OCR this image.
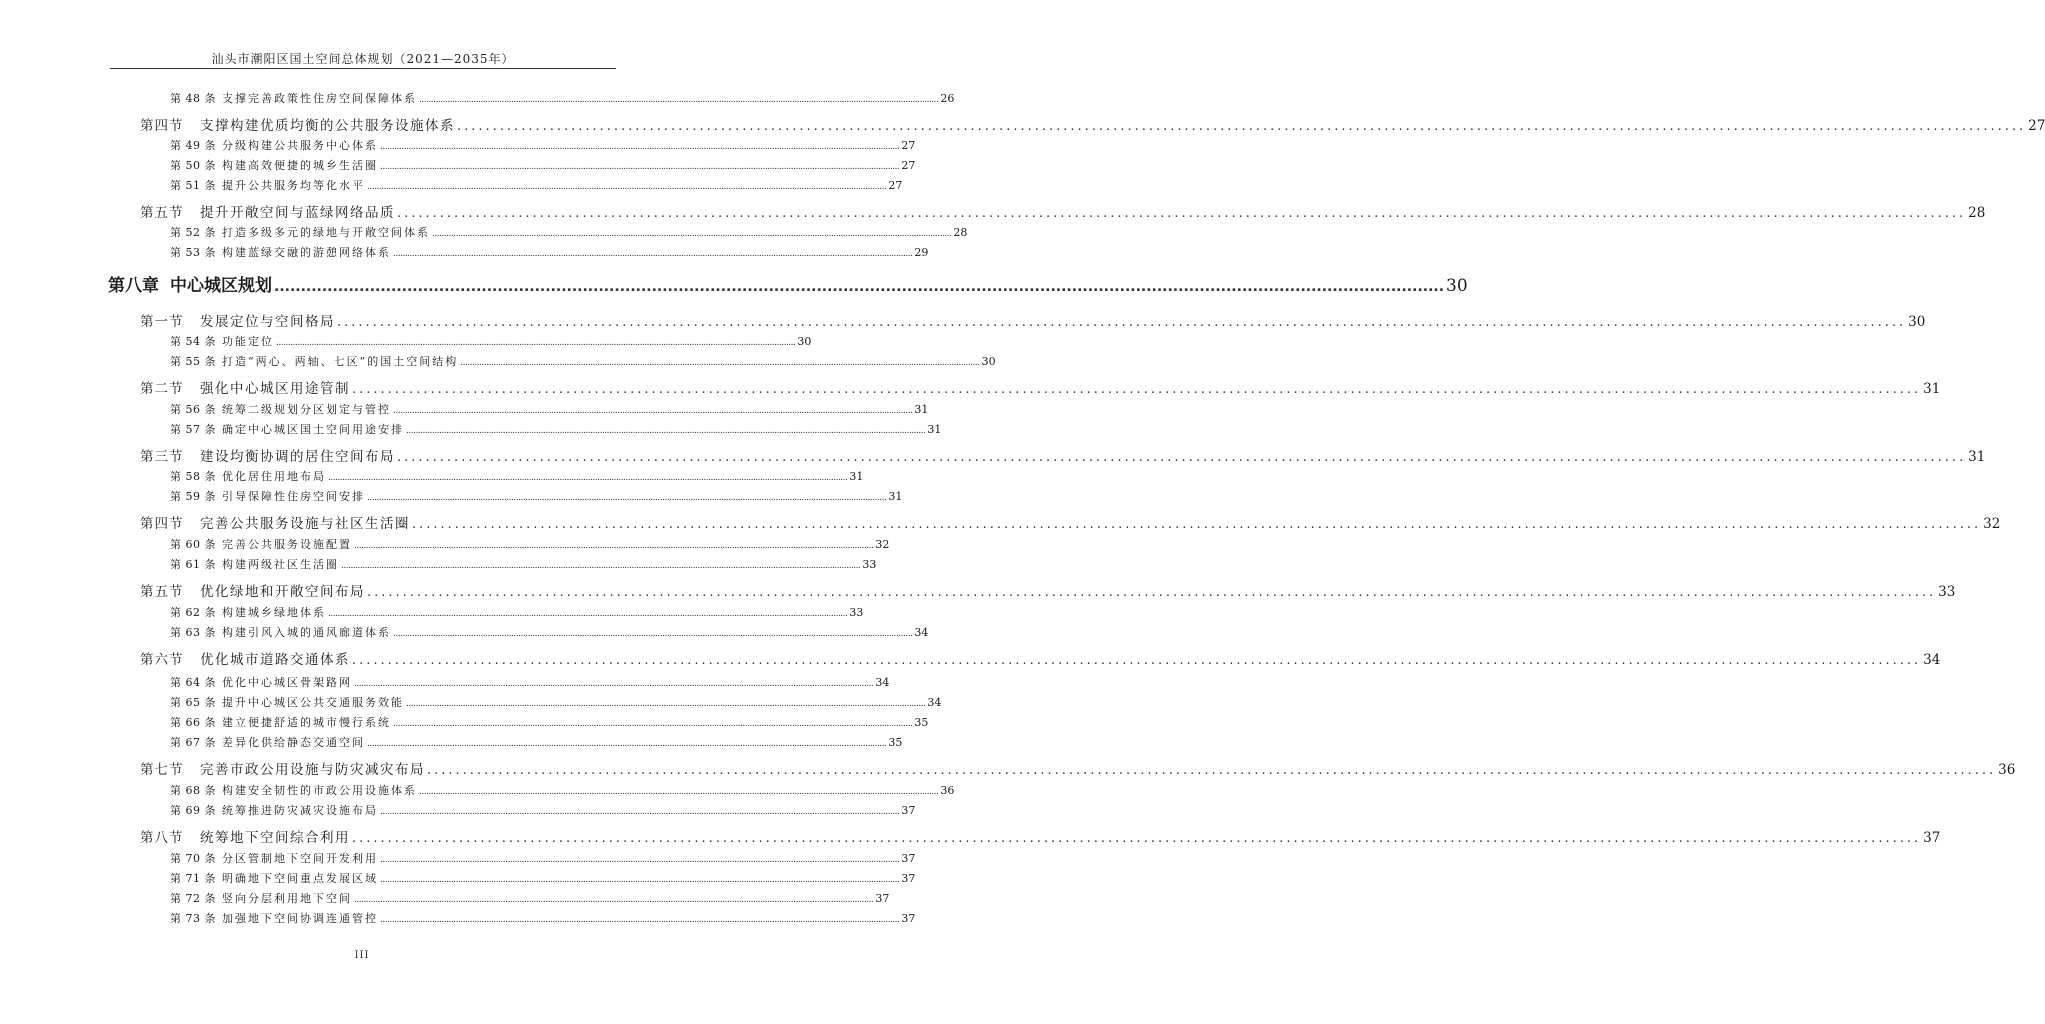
汕头市潮阳区国土空间总体规划（2021—2035年）
第 48 条 支撑完善政策性住房空间保障体系 ............................................................................................................................................................................................................................ 26
第四节	支撑构建优质均衡的公共服务设施体系 ............................................................................................................................................................................................................................ 27
第 49 条 分级构建公共服务中心体系 ............................................................................................................................................................................................................................ 27
第 50 条 构建高效便捷的城乡生活圈 ............................................................................................................................................................................................................................ 27
第 51 条 提升公共服务均等化水平 ............................................................................................................................................................................................................................ 27
第五节	提升开敞空间与蓝绿网络品质 ............................................................................................................................................................................................................................ 28
第 52 条 打造多级多元的绿地与开敞空间体系 ............................................................................................................................................................................................................................ 28
第 53 条 构建蓝绿交融的游憩网络体系 ............................................................................................................................................................................................................................ 29
第八章 中心城区规划 ............................................................................................................................................................................................................................ 30
第一节	发展定位与空间格局 ............................................................................................................................................................................................................................ 30
第 54 条 功能定位 ............................................................................................................................................................................................................................ 30
第 55 条 打造“两心、两轴、七区”的国土空间结构 ............................................................................................................................................................................................................................ 30
第二节	强化中心城区用途管制 ............................................................................................................................................................................................................................ 31
第 56 条 统筹二级规划分区划定与管控 ............................................................................................................................................................................................................................ 31
第 57 条 确定中心城区国土空间用途安排 ............................................................................................................................................................................................................................ 31
第三节	建设均衡协调的居住空间布局 ............................................................................................................................................................................................................................ 31
第 58 条 优化居住用地布局 ............................................................................................................................................................................................................................ 31
第 59 条 引导保障性住房空间安排 ............................................................................................................................................................................................................................ 31
第四节	完善公共服务设施与社区生活圈 ............................................................................................................................................................................................................................ 32
第 60 条 完善公共服务设施配置 ............................................................................................................................................................................................................................ 32
第 61 条 构建两级社区生活圈 ............................................................................................................................................................................................................................ 33
第五节	优化绿地和开敞空间布局 ............................................................................................................................................................................................................................ 33
第 62 条 构建城乡绿地体系 ............................................................................................................................................................................................................................ 33
第 63 条 构建引风入城的通风廊道体系 ............................................................................................................................................................................................................................ 34
第六节	优化城市道路交通体系 ............................................................................................................................................................................................................................ 34
第 64 条 优化中心城区骨架路网 ............................................................................................................................................................................................................................ 34
第 65 条 提升中心城区公共交通服务效能 ............................................................................................................................................................................................................................ 34
第 66 条 建立便捷舒适的城市慢行系统 ............................................................................................................................................................................................................................ 35
第 67 条 差异化供给静态交通空间 ............................................................................................................................................................................................................................ 35
第七节	完善市政公用设施与防灾减灾布局 ............................................................................................................................................................................................................................ 36
第 68 条 构建安全韧性的市政公用设施体系 ............................................................................................................................................................................................................................ 36
第 69 条 统筹推进防灾减灾设施布局 ............................................................................................................................................................................................................................ 37
第八节	统筹地下空间综合利用 ............................................................................................................................................................................................................................ 37
第 70 条 分区管制地下空间开发利用 ............................................................................................................................................................................................................................ 37
第 71 条 明确地下空间重点发展区域 ............................................................................................................................................................................................................................ 37
第 72 条 竖向分层利用地下空间 ............................................................................................................................................................................................................................ 37
第 73 条 加强地下空间协调连通管控 ............................................................................................................................................................................................................................ 37
III
